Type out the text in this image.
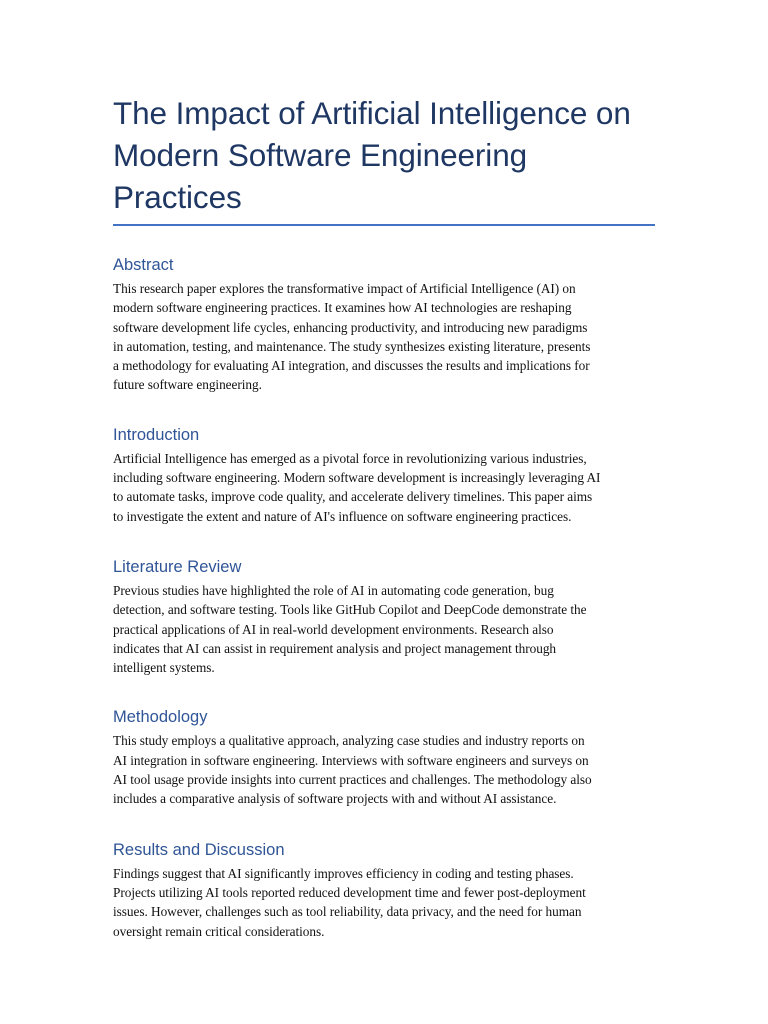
The Impact of Artificial Intelligence on
Modern Software Engineering Practices
Abstract

This research paper explores the transformative impact of Artificial Intelligence (AI) on
modern software engineering practices. It examines how AI technologies are reshaping
software development life cycles, enhancing productivity, and introducing new paradigms
in automation, testing, and maintenance. The study synthesizes existing literature, presents
a methodology for evaluating AI integration, and discusses the results and implications for
future software engineering.

Introduction

Artificial Intelligence has emerged as a pivotal force in revolutionizing various industries,
including software engineering. Modern software development is increasingly leveraging AI
to automate tasks, improve code quality, and accelerate delivery timelines. This paper aims
to investigate the extent and nature of AI's influence on software engineering practices.

Literature Review

Previous studies have highlighted the role of AI in automating code generation, bug
detection, and software testing. Tools like GitHub Copilot and DeepCode demonstrate the
practical applications of AI in real-world development environments. Research also
indicates that AI can assist in requirement analysis and project management through
intelligent systems.

Methodology

This study employs a qualitative approach, analyzing case studies and industry reports on
AI integration in software engineering. Interviews with software engineers and surveys on
AI tool usage provide insights into current practices and challenges. The methodology also
includes a comparative analysis of software projects with and without AI assistance.

Results and Discussion

Findings suggest that AI significantly improves efficiency in coding and testing phases.
Projects utilizing AI tools reported reduced development time and fewer post-deployment
issues. However, challenges such as tool reliability, data privacy, and the need for human
oversight remain critical considerations.
